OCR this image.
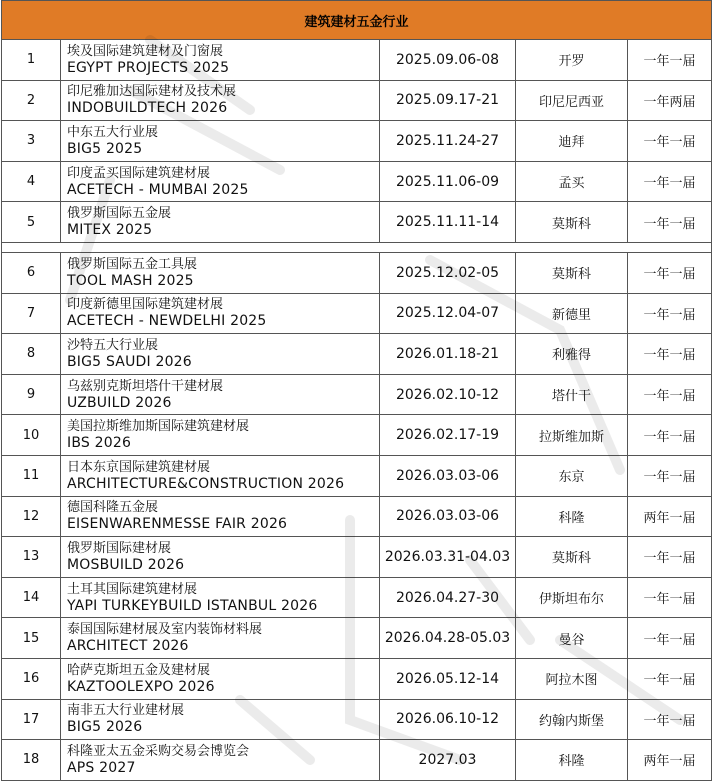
建筑建材五金行业				
1	埃及国际建筑建材及门窗展
EGYPT PROJECTS 2025	2025.09.06-08	开罗	一年一届
2	印尼雅加达国际建材及技术展
INDOBUILDTECH 2026	2025.09.17-21	印尼尼西亚	一年两届
3	中东五大行业展
BIG5 2025	2025.11.24-27	迪拜	一年一届
4	印度孟买国际建筑建材展
ACETECH - MUMBAI 2025	2025.11.06-09	孟买	一年一届
5	俄罗斯国际五金展
MITEX 2025	2025.11.11-14	莫斯科	一年一届

6	俄罗斯国际五金工具展
TOOL MASH 2025	2025.12.02-05	莫斯科	一年一届
7	印度新德里国际建筑建材展
ACETECH - NEWDELHI 2025	2025.12.04-07	新德里	一年一届
8	沙特五大行业展
BIG5 SAUDI 2026	2026.01.18-21	利雅得	一年一届
9	乌兹别克斯坦塔什干建材展
UZBUILD 2026	2026.02.10-12	塔什干	一年一届
10	美国拉斯维加斯国际建筑建材展
IBS 2026	2026.02.17-19	拉斯维加斯	一年一届
11	日本东京国际建筑建材展
ARCHITECTURE&CONSTRUCTION 2026	2026.03.03-06	东京	一年一届
12	德国科隆五金展
EISENWARENMESSE FAIR 2026	2026.03.03-06	科隆	两年一届
13	俄罗斯国际建材展
MOSBUILD 2026	2026.03.31-04.03	莫斯科	一年一届
14	土耳其国际建筑建材展
YAPI TURKEYBUILD ISTANBUL 2026	2026.04.27-30	伊斯坦布尔	一年一届
15	泰国国际建材展及室内装饰材料展
ARCHITECT 2026	2026.04.28-05.03	曼谷	一年一届
16	哈萨克斯坦五金及建材展
KAZTOOLEXPO 2026	2026.05.12-14	阿拉木图	一年一届
17	南非五大行业建材展
BIG5 2026	2026.06.10-12	约翰内斯堡	一年一届
18	科隆亚太五金采购交易会博览会
APS 2027	2027.03	科隆	两年一届
